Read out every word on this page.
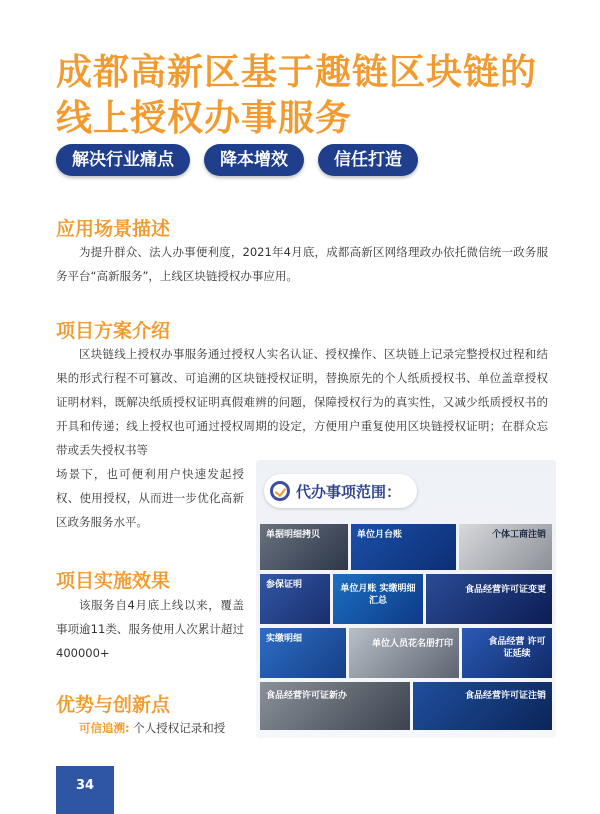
成都高新区基于趣链区块链的线上授权办事服务
解决行业痛点	降本增效	信任打造
应用场景描述
为提升群众、法人办事便利度，2021年4月底，成都高新区网络理政办依托微信统一政务服务平台“高新服务”，上线区块链授权办事应用。
项目方案介绍
区块链线上授权办事服务通过授权人实名认证、授权操作、区块链上记录完整授权过程和结果的形式行程不可篡改、可追溯的区块链授权证明，替换原先的个人纸质授权书、单位盖章授权证明材料，既解决纸质授权证明真假难辨的问题，保障授权行为的真实性，又减少纸质授权书的开具和传递；线上授权也可通过授权周期的设定，方便用户重复使用区块链授权证明；在群众忘带或丢失授权书等
场景下，也可便利用户快速发起授权、使用授权，从而进一步优化高新区政务服务水平。
项目实施效果
该服务自4月底上线以来，覆盖事项逾11类、服务使用人次累计超过400000+
优势与创新点
可信追溯: 个人授权记录和授
代办事项范围：
单据明细拷贝	单位月台账	个体工商注销
参保证明	单位月账 实缴明细汇总
食品经营许可证变更
实缴明细	单位人员花名册打印	食品经营 许可证延续
食品经营许可证新办	食品经营许可证注销
34
